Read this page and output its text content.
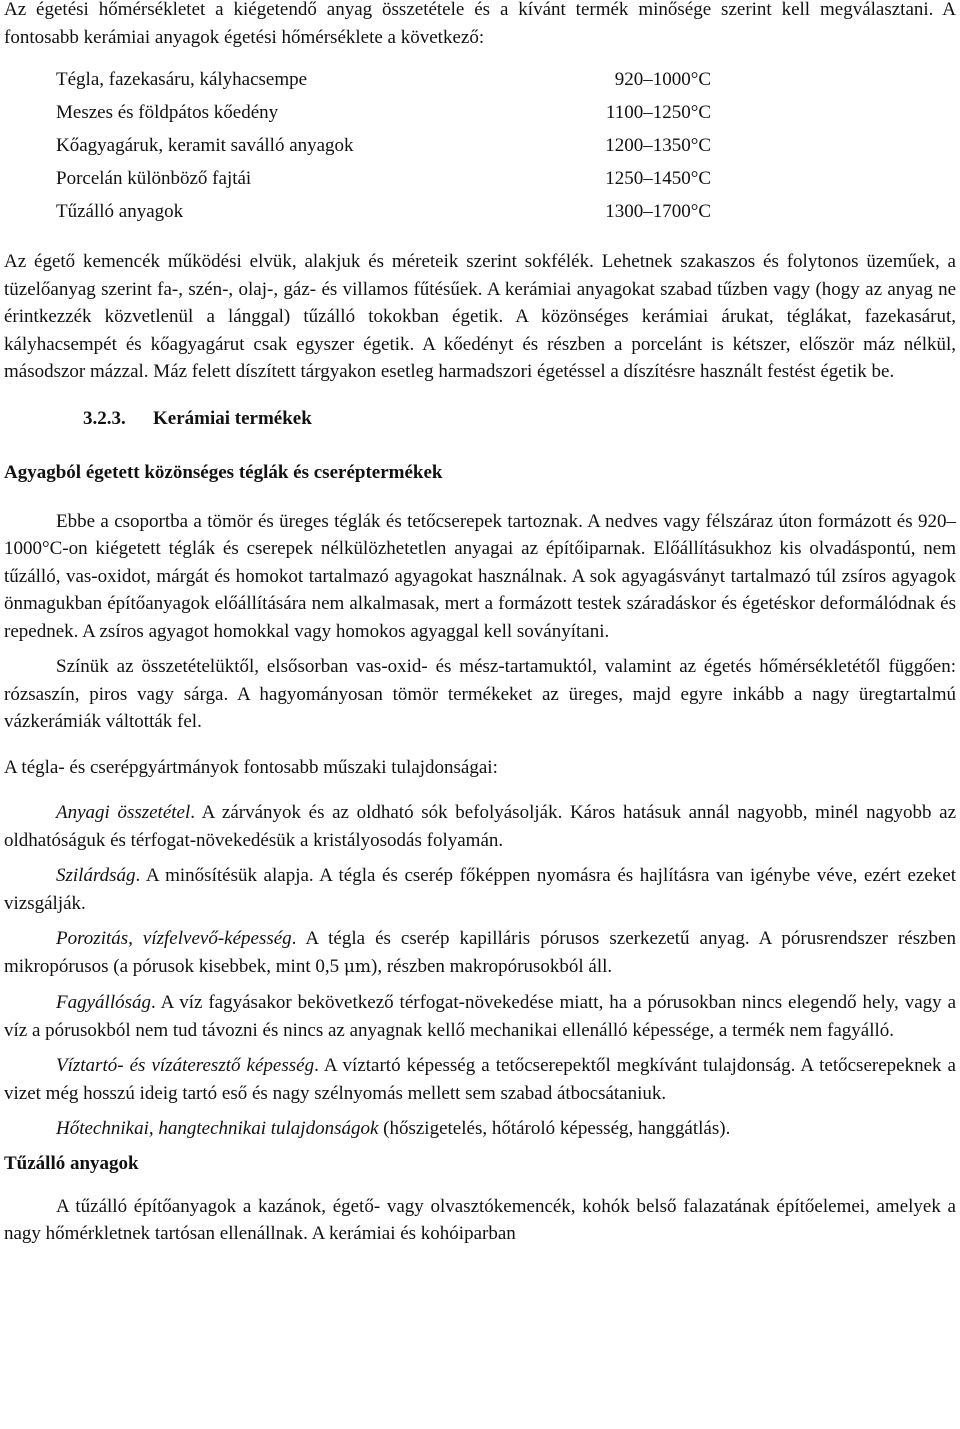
Az égetési hőmérsékletet a kiégetendő anyag összetétele és a kívánt termék minősége szerint kell megválasztani. A fontosabb kerámiai anyagok égetési hőmérséklete a következő:

Tégla, fazekasáru, kályhacsempe	920–1000°C
Meszes és földpátos kőedény	1100–1250°C
Kőagyagáruk, keramit saválló anyagok	1200–1350°C
Porcelán különböző fajtái	1250–1450°C
Tűzálló anyagok	1300–1700°C

Az égető kemencék működési elvük, alakjuk és méreteik szerint sokfélék. Lehetnek szakaszos és folytonos üzeműek, a tüzelőanyag szerint fa-, szén-, olaj-, gáz- és villamos fűtésűek. A kerámiai anyagokat szabad tűzben vagy (hogy az anyag ne érintkezzék közvetlenül a lánggal) tűzálló tokokban égetik. A közönséges kerámiai árukat, téglákat, fazekasárut, kályhacsempét és kőagyagárut csak egyszer égetik. A kőedényt és részben a porcelánt is kétszer, először máz nélkül, másodszor mázzal. Máz felett díszített tárgyakon esetleg harmadszori égetéssel a díszítésre használt festést égetik be.

3.2.3. Kerámiai termékek

Agyagból égetett közönséges téglák és cseréptermékek

Ebbe a csoportba a tömör és üreges téglák és tetőcserepek tartoznak. A nedves vagy félszáraz úton formázott és 920–1000°C-on kiégetett téglák és cserepek nélkülözhetetlen anyagai az építőiparnak. Előállításukhoz kis olvadáspontú, nem tűzálló, vas-oxidot, márgát és homokot tartalmazó agyagokat használnak. A sok agyagásványt tartalmazó túl zsíros agyagok önmagukban építőanyagok előállítására nem alkalmasak, mert a formázott testek száradáskor és égetéskor deformálódnak és repednek. A zsíros agyagot homokkal vagy homokos agyaggal kell soványítani.

Színük az összetételüktől, elsősorban vas-oxid- és mész-tartamuktól, valamint az égetés hőmérsékletétől függően: rózsaszín, piros vagy sárga. A hagyományosan tömör termékeket az üreges, majd egyre inkább a nagy üregtartalmú vázkerámiák váltották fel.

A tégla- és cserépgyártmányok fontosabb műszaki tulajdonságai:

Anyagi összetétel. A zárványok és az oldható sók befolyásolják. Káros hatásuk annál nagyobb, minél nagyobb az oldhatóságuk és térfogat-növekedésük a kristályosodás folyamán.

Szilárdság. A minősítésük alapja. A tégla és cserép főképpen nyomásra és hajlításra van igénybe véve, ezért ezeket vizsgálják.

Porozitás, vízfelvevő-képesség. A tégla és cserép kapilláris pórusos szerkezetű anyag. A pórusrendszer részben mikropórusos (a pórusok kisebbek, mint 0,5 μm), részben makropórusokból áll.

Fagyállóság. A víz fagyásakor bekövetkező térfogat-növekedése miatt, ha a pórusokban nincs elegendő hely, vagy a víz a pórusokból nem tud távozni és nincs az anyagnak kellő mechanikai ellenálló képessége, a termék nem fagyálló.

Víztartó- és vízáteresztő képesség. A víztartó képesség a tetőcserepektől megkívánt tulajdonság. A tetőcserepeknek a vizet még hosszú ideig tartó eső és nagy szélnyomás mellett sem szabad átbocsátaniuk.

Hőtechnikai, hangtechnikai tulajdonságok (hőszigetelés, hőtároló képesség, hanggátlás).

Tűzálló anyagok

A tűzálló építőanyagok a kazánok, égető- vagy olvasztókemencék, kohók belső falazatának építőelemei, amelyek a nagy hőmérkletnek tartósan ellenállnak. A kerámiai és kohóiparban
